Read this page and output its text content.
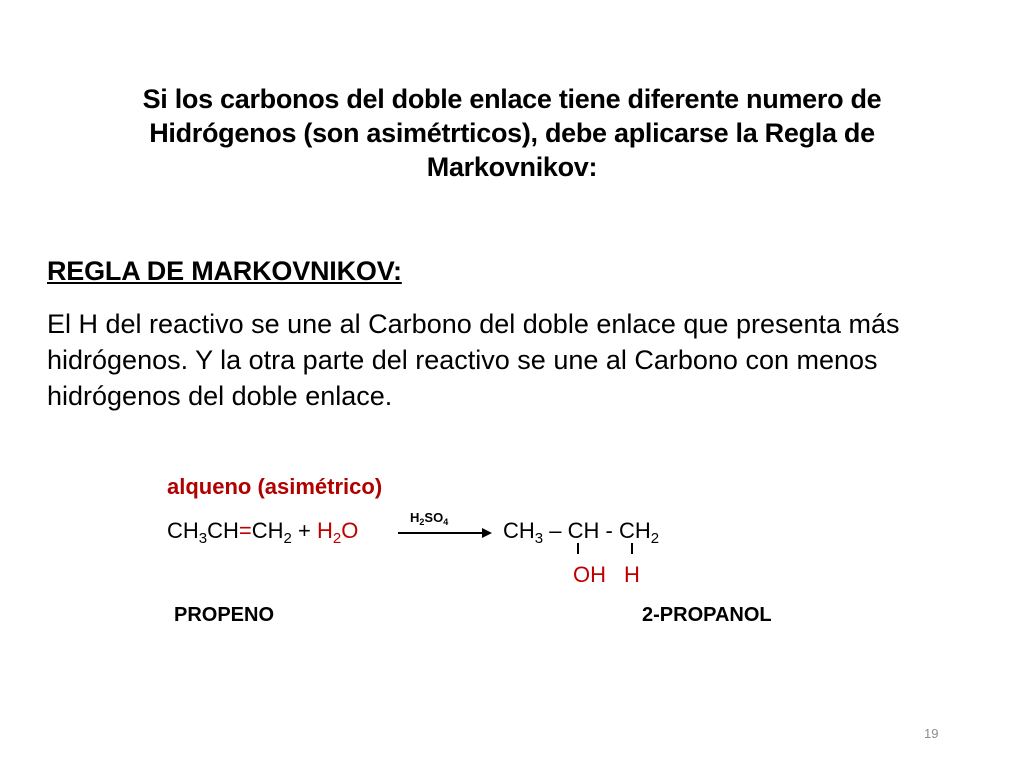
Si los carbonos del doble enlace tiene diferente numero de Hidrógenos (son asimétrticos), debe aplicarse la Regla de Markovnikov:
REGLA DE MARKOVNIKOV:
El H del reactivo se une al Carbono del doble enlace que presenta más hidrógenos. Y la otra parte del reactivo se une al Carbono con menos hidrógenos del doble enlace.
alqueno (asimétrico)
$CH_3CH=CH_2 + H_2O$
$H_2SO_4$ $CH_3$ – CH - $CH_2$
OH H
PROPENO	2-PROPANOL
19
